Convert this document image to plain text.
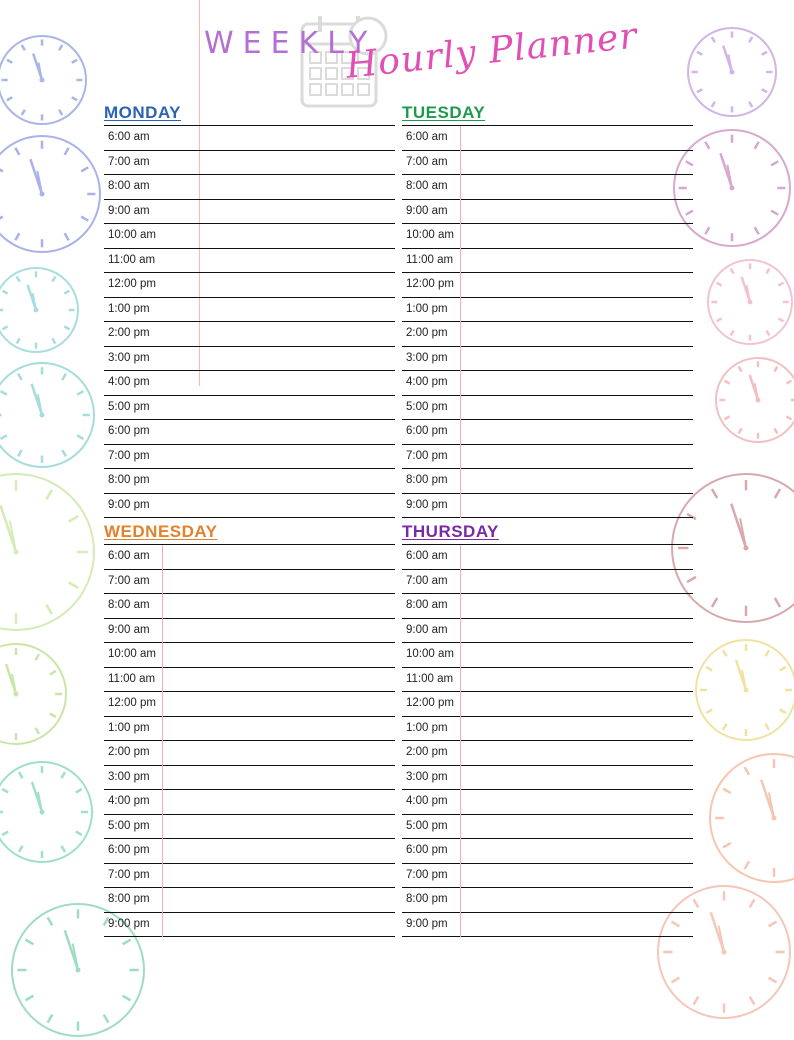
WEEKLY
Hourly Planner
MONDAY
6:00 am
7:00 am
8:00 am
9:00 am
10:00 am
11:00 am
12:00 pm
1:00 pm
2:00 pm
3:00 pm
4:00 pm
5:00 pm
6:00 pm
7:00 pm
8:00 pm
9:00 pm
TUESDAY
6:00 am
7:00 am
8:00 am
9:00 am
10:00 am
11:00 am
12:00 pm
1:00 pm
2:00 pm
3:00 pm
4:00 pm
5:00 pm
6:00 pm
7:00 pm
8:00 pm
9:00 pm
WEDNESDAY
6:00 am
7:00 am
8:00 am
9:00 am
10:00 am
11:00 am
12:00 pm
1:00 pm
2:00 pm
3:00 pm
4:00 pm
5:00 pm
6:00 pm
7:00 pm
8:00 pm
9:00 pm
THURSDAY
6:00 am
7:00 am
8:00 am
9:00 am
10:00 am
11:00 am
12:00 pm
1:00 pm
2:00 pm
3:00 pm
4:00 pm
5:00 pm
6:00 pm
7:00 pm
8:00 pm
9:00 pm
